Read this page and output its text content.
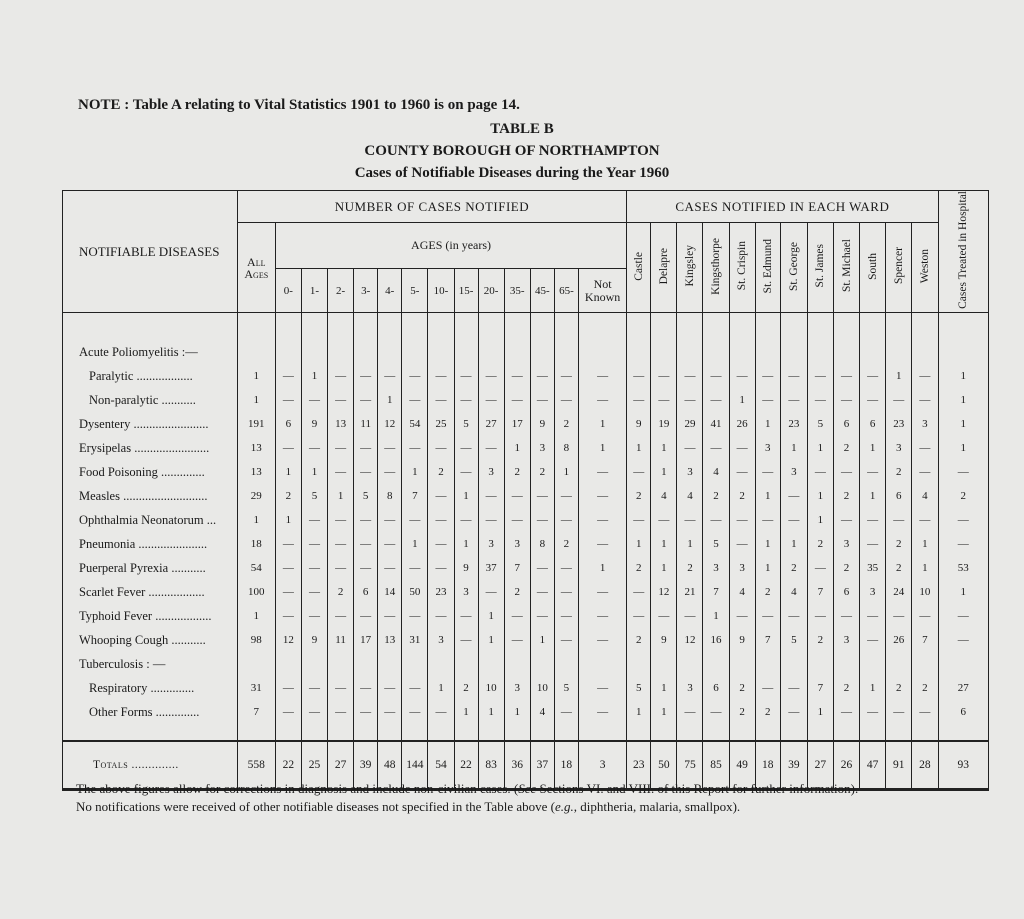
NOTE : Table A relating to Vital Statistics 1901 to 1960 is on page 14.
TABLE B
COUNTY BOROUGH OF NORTHAMPTON
Cases of Notifiable Diseases during the Year 1960
NOTIFIABLE DISEASES	NUMBER OF CASES NOTIFIED														CASES NOTIFIED IN EACH WARD												Cases Treated in Hospital
	All Ages	AGES (in years)													Castle	Delapre	Kingsley	Kingsthorpe	St. Crispin	St. Edmund	St. George	St. James	St. Michael	South	Spencer	Weston	
		0-	1-	2-	3-	4-	5-	10-	15-	20-	35-	45-	65-	Not Known													

Acute Poliomyelitis :—																											
Paralytic ..................	1	—	1	—	—	—	—	—	—	—	—	—	—	—	—	—	—	—	—	—	—	—	—	—	1	—	1
Non-paralytic ...........	1	—	—	—	—	1	—	—	—	—	—	—	—	—	—	—	—	—	1	—	—	—	—	—	—	—	1
Dysentery ........................	191	6	9	13	11	12	54	25	5	27	17	9	2	1	9	19	29	41	26	1	23	5	6	6	23	3	1
Erysipelas ........................	13	—	—	—	—	—	—	—	—	—	1	3	8	1	1	1	—	—	—	3	1	1	2	1	3	—	1
Food Poisoning ..............	13	1	1	—	—	—	1	2	—	3	2	2	1	—	—	1	3	4	—	—	3	—	—	—	2	—	—
Measles ...........................	29	2	5	1	5	8	7	—	1	—	—	—	—	—	2	4	4	2	2	1	—	1	2	1	6	4	2
Ophthalmia Neonatorum ...	1	1	—	—	—	—	—	—	—	—	—	—	—	—	—	—	—	—	—	—	—	1	—	—	—	—	—
Pneumonia ......................	18	—	—	—	—	—	1	—	1	3	3	8	2	—	1	1	1	5	—	1	1	2	3	—	2	1	—
Puerperal Pyrexia ...........	54	—	—	—	—	—	—	—	9	37	7	—	—	1	2	1	2	3	3	1	2	—	2	35	2	1	53
Scarlet Fever ..................	100	—	—	2	6	14	50	23	3	—	2	—	—	—	—	12	21	7	4	2	4	7	6	3	24	10	1
Typhoid Fever ..................	1	—	—	—	—	—	—	—	—	1	—	—	—	—	—	—	—	1	—	—	—	—	—	—	—	—	—
Whooping Cough ...........	98	12	9	11	17	13	31	3	—	1	—	1	—	—	2	9	12	16	9	7	5	2	3	—	26	7	—
Tuberculosis : —																											
Respiratory ..............	31	—	—	—	—	—	—	1	2	10	3	10	5	—	5	1	3	6	2	—	—	7	2	1	2	2	27
Other Forms ..............	7	—	—	—	—	—	—	—	1	1	1	4	—	—	1	1	—	—	2	2	—	1	—	—	—	—	6

Totals ..............	558	22	25	27	39	48	144	54	22	83	36	37	18	3	23	50	75	85	49	18	39	27	26	47	91	28	93
The above figures allow for corrections in diagnosis and include non-civilian cases. (See Sections VI. and VIII. of this Report for further information).
No notifications were received of other notifiable diseases not specified in the Table above (e.g., diphtheria, malaria, smallpox).
